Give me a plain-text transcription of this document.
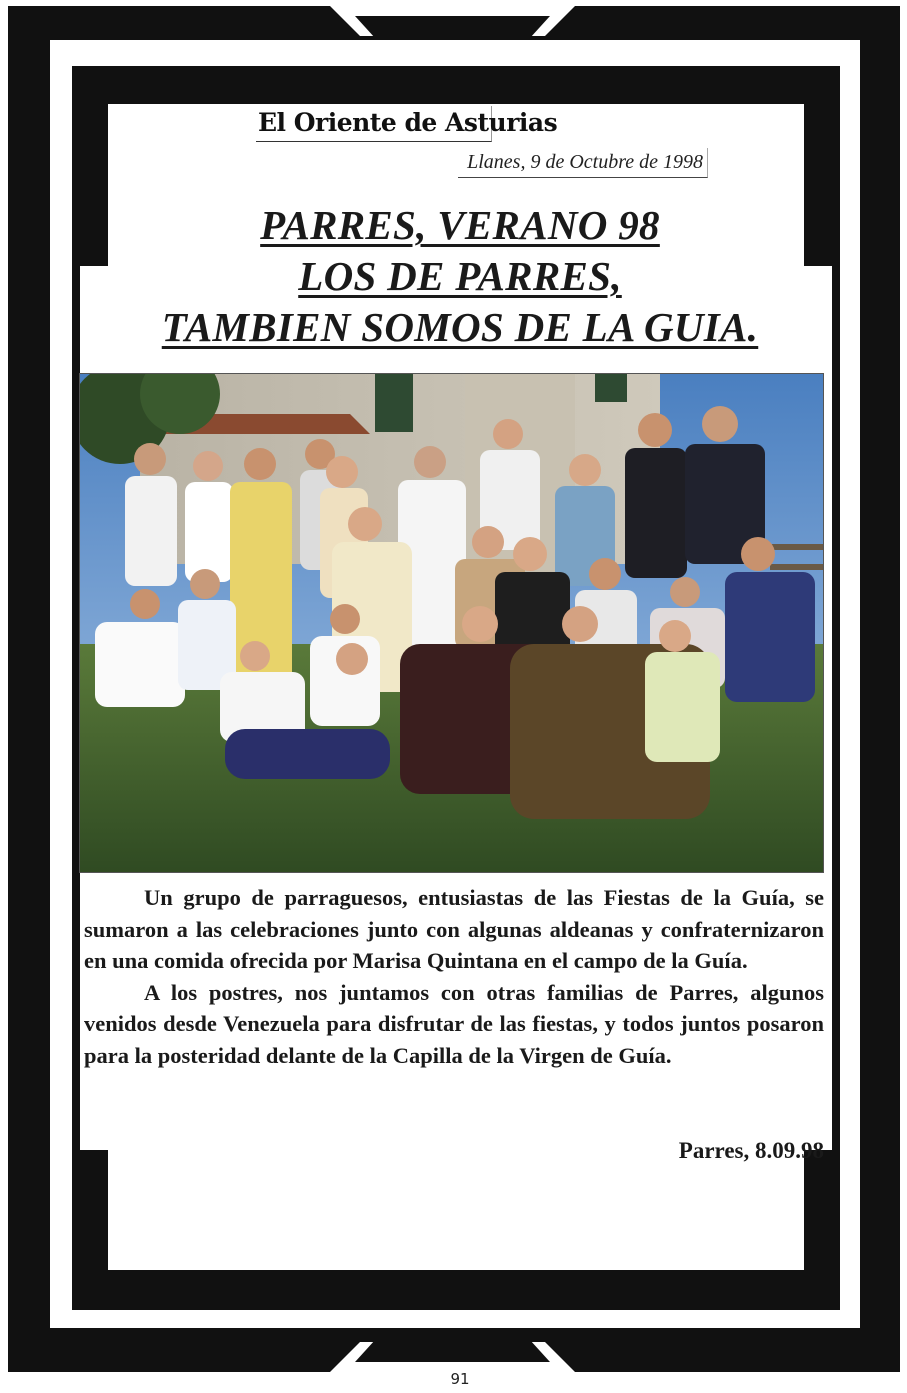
El Oriente de Asturias
Llanes, 9 de Octubre de 1998
PARRES, VERANO 98
LOS DE PARRES,
TAMBIEN SOMOS DE LA GUIA.

Un grupo de parraguesos, entusiastas de las Fiestas de la Guía, se sumaron a las celebraciones junto con algunas aldeanas y confraternizaron en una comida ofrecida por Marisa Quintana en el campo de la Guía.

A los postres, nos juntamos con otras familias de Parres, algunos venidos desde Venezuela para disfrutar de las fiestas, y todos juntos posaron para la posteridad delante de la Capilla de la Virgen de Guía.

Parres, 8.09.98
91
